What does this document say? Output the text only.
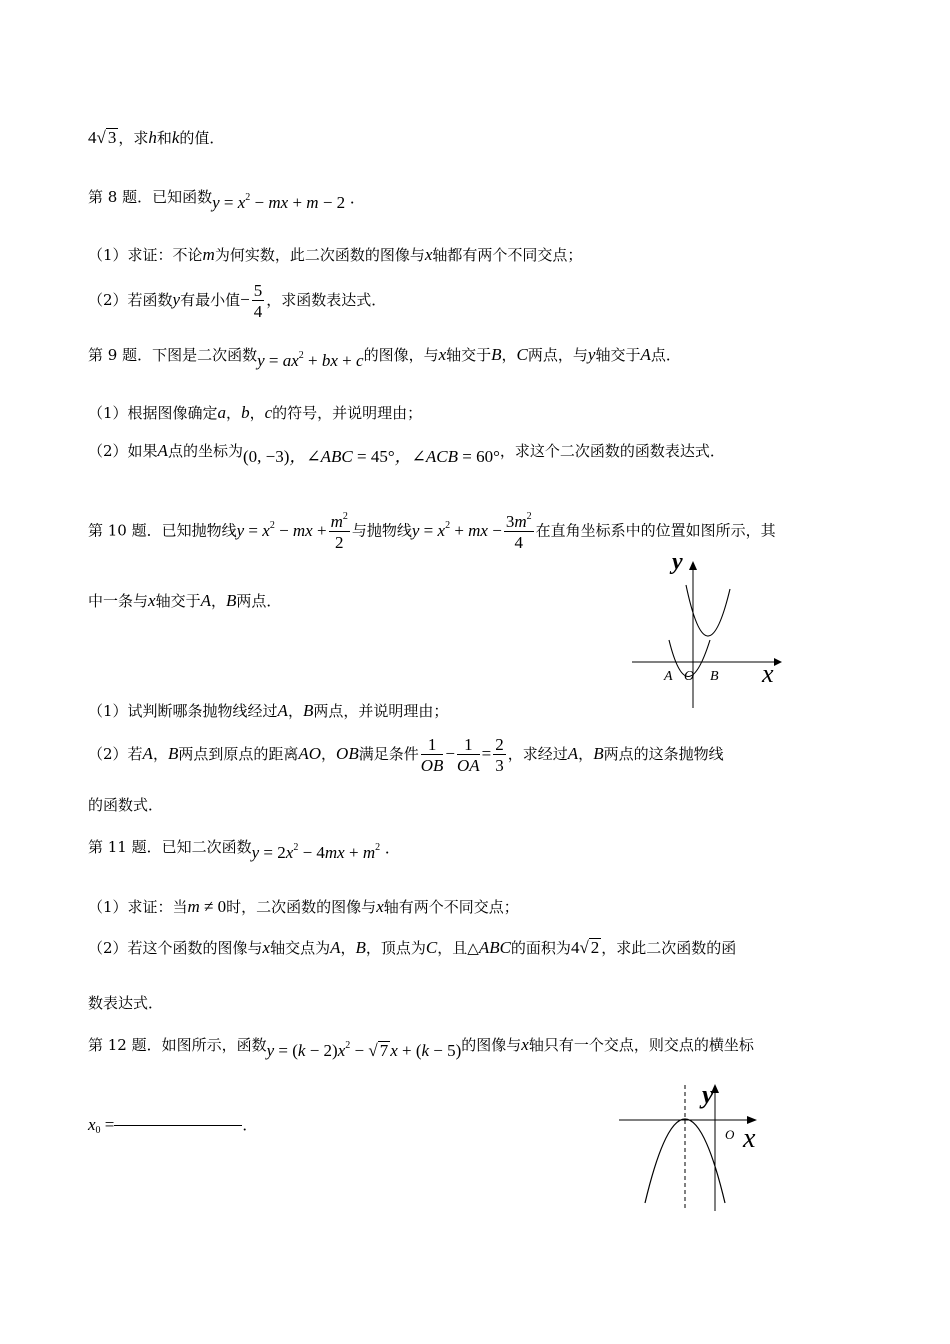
4√ 3 ，求h和k的值．
第 8 题．已知函数$y = x^2$ − mx + m − 2 ·
（1）求证：不论m为何实数，此二次函数的图像与x轴都有两个不同交点；
（2）若函数y有最小值− $\frac{5}{4}$ ，求函数表达式．
第 9 题．下图是二次函数$y = ax^2$ + bx + c的图像，与x轴交于B，C两点，与y轴交于A点．
（1）根据图像确定a，b，c的符号，并说明理由；
（2）如果A点的坐标为(0, −3)，∠ABC = 45°，∠ACB = 60°，求这个二次函数的函数表达式．
第 10 题．已知抛物线$y = x^2$ − mx + $\frac{m^2}{2}$ 与抛物线$y = x^2$ + mx − $\frac{3m^2}{4}$ 在直角坐标系中的位置如图所示，其
中一条与x轴交于A，B两点．
（1）试判断哪条抛物线经过A，B两点，并说明理由；
（2）若A，B两点到原点的距离AO，OB满足条件 $\frac{1}{OB} - \frac{1}{OA} = \frac{2}{3}$ ，求经过A，B两点的这条抛物线
的函数式．
第 11 题．已知二次函数$y = 2x^2 - 4mx + m^2$ ·
（1）求证：当m ≠ 0时，二次函数的图像与x轴有两个不同交点；
（2）若这个函数的图像与x轴交点为A，B，顶点为C，且△ABC的面积为4√ 2 ，求此二次函数的函
数表达式．
第 12 题．如图所示，函数$y = (k - 2)x^2$ − √ 7 x + (k − 5)的图像与x轴只有一个交点，则交点的横坐标
$x_0$ =	．
y
x
A O B
y
x
O
